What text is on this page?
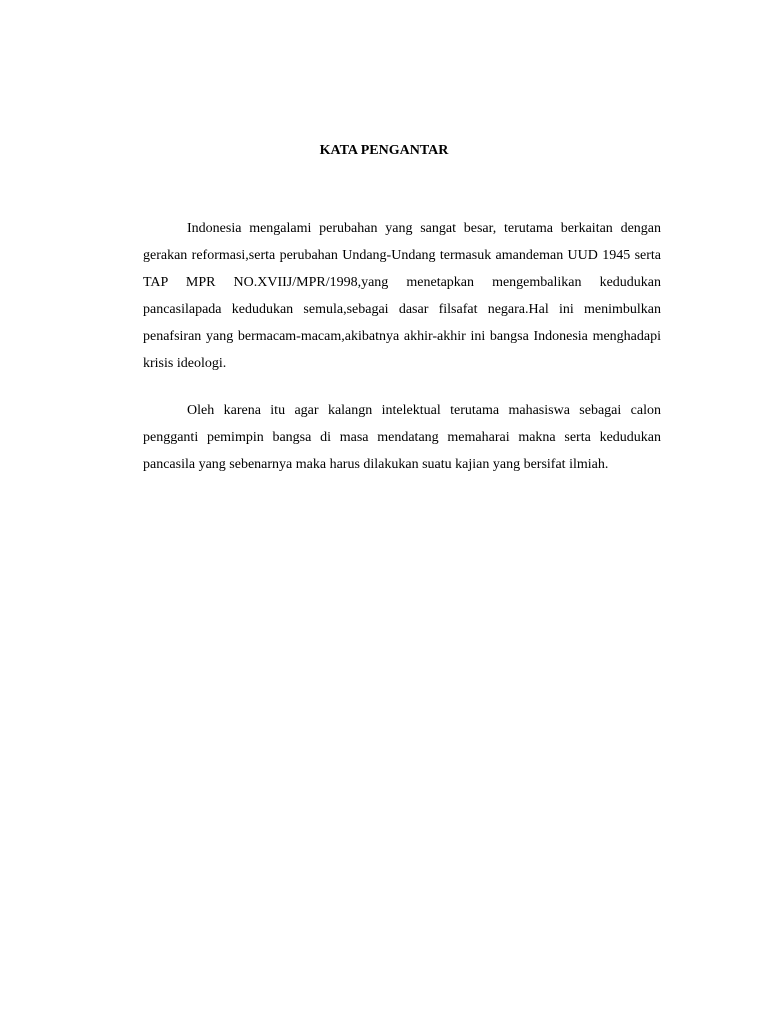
KATA PENGANTAR

Indonesia mengalami perubahan yang sangat besar, terutama berkaitan dengan gerakan reformasi,serta perubahan Undang-Undang termasuk amandeman UUD 1945 serta TAP MPR NO.XVIIJ/MPR/1998,yang menetapkan mengembalikan kedudukan pancasilapada kedudukan semula,sebagai dasar filsafat negara.Hal ini menimbulkan penafsiran yang bermacam-macam,akibatnya akhir-akhir ini bangsa Indonesia menghadapi krisis ideologi.

Oleh karena itu agar kalangn intelektual terutama mahasiswa sebagai calon pengganti pemimpin bangsa di masa mendatang memaharai makna serta kedudukan pancasila yang sebenarnya maka harus dilakukan suatu kajian yang bersifat ilmiah.
